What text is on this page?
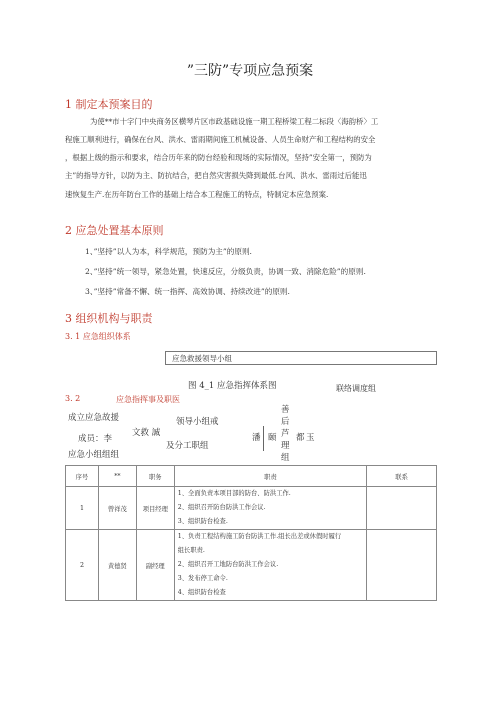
”三防”专项应急预案
1 制定本预案目的
为使**市十字门中央商务区横琴片区市政基础设施一期工程桥梁工程二标段〈海韵桥〉工
程施工顺利进行，确保在台风、洪水、雷雨期间施工机械设备、人员生命财产和工程结构的安全
，根据上级的指示和要求，结合历年来的防台经验和现场的实际情况，坚持”安全第一，预防为
主”的指导方针，以防为主、防抗结合，把自然灾害损失降到最低.台风、洪水、雷雨过后能迅
速恢复生产.在历年防台工作的基础上结合本工程施工的特点，特制定本应急预案.
2 应急处置基本原则
1、”坚持”以人为本，科学规范，预防为主”的原则.
2、”坚持”统一领导，紧急处置，快速反应，分级负责，协调一致、消除危险”的原则.
3、”坚持”常备不懈、统一指挥、高效协调、持续改进”的原则.
3 组织机构与职责
3. 1 应急组织体系
应急救援领导小组
图 4_1 应急指挥体系图	联络调度组
3. 2	应急指挥事及职医
成立应急故援	领导小组戒
文救 誠
成员：李
及分工职组
应急小组组组
善
后
芦
理
组
潘 颐 都 玉
序号	**	职务	职责	联系
1	曾祥茂	项目经理	1、全面负责本项目部的防台、防洪工作.
2、组织召开防台防洪工作会议.
3、组织防台检查.	

2	黄德贤	副经理	1、负责工程结构施工防台防洪工作.组长出差或休假时履行
组长职责.
2、组织召开工地防台防洪工作会议.
3、发布停工命令.
4、组织防台检查	
